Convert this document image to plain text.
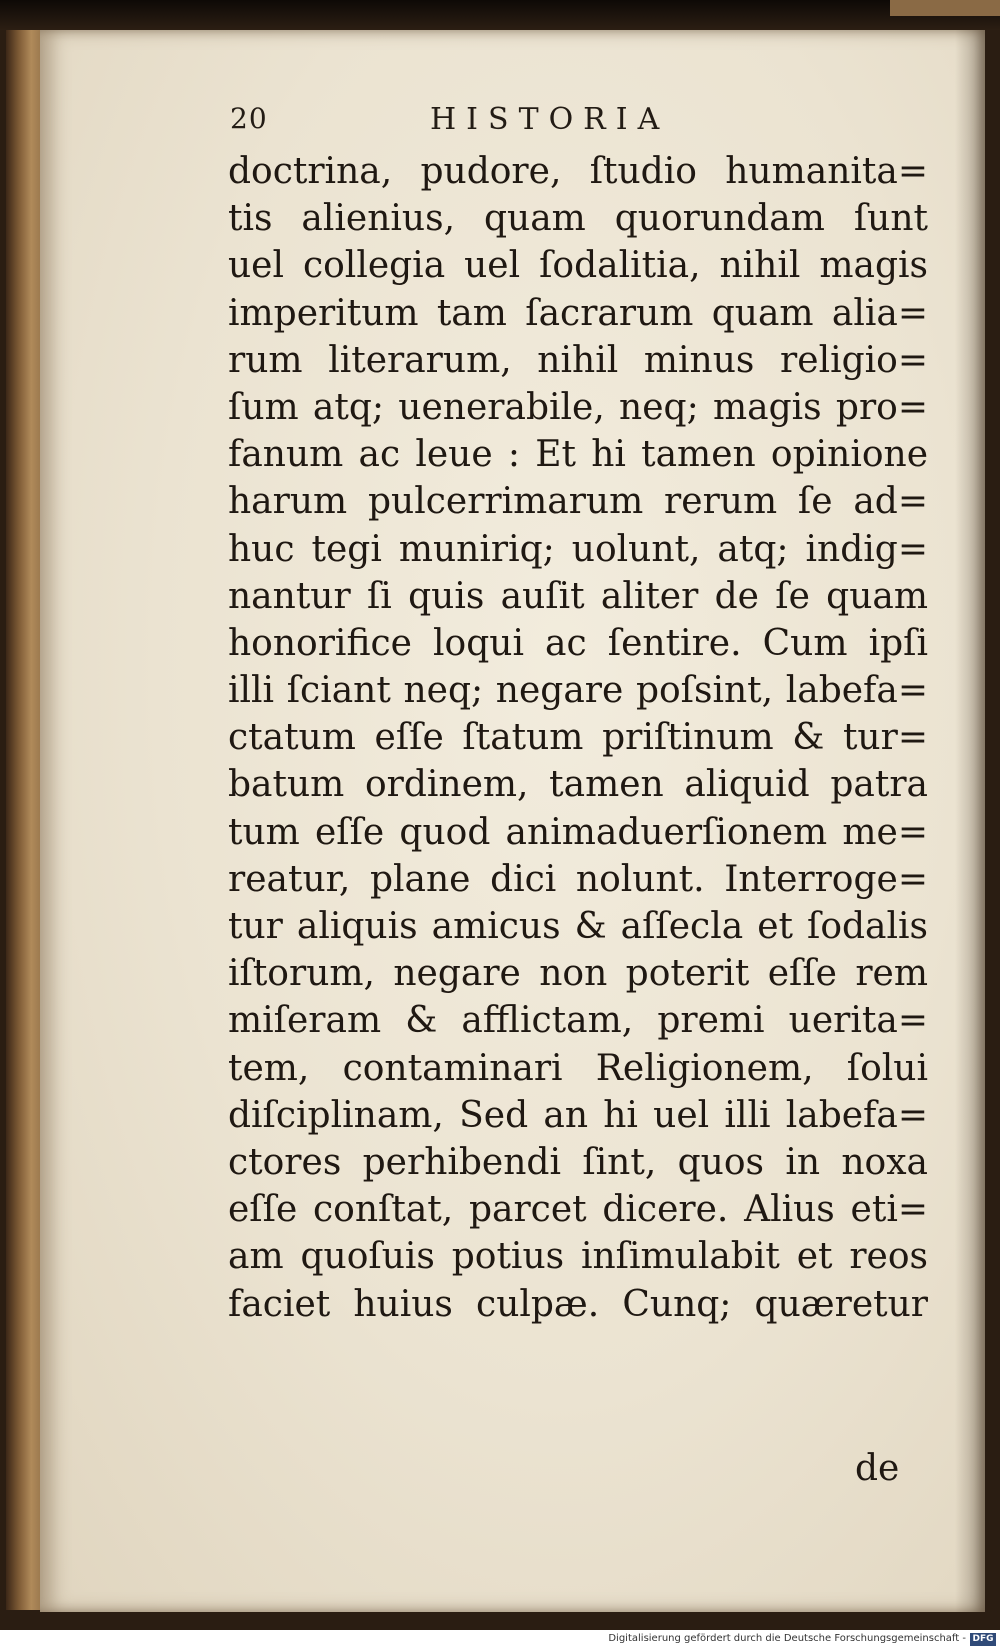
20	HISTORIA
doctrina, pudore, ſtudio humanita=
tis alienius, quam quorundam ſunt
uel collegia uel ſodalitia, nihil magis
imperitum tam ſacrarum quam alia=
rum literarum, nihil minus religio=
ſum atq; uenerabile, neq; magis pro=
fanum ac leue : Et hi tamen opinione
harum pulcerrimarum rerum ſe ad=
huc tegi muniriq; uolunt, atq; indig=
nantur ſi quis auſit aliter de ſe quam
honorifice loqui ac ſentire. Cum ipſi
illi ſciant neq; negare poſsint, labefa=
ctatum eſſe ſtatum priſtinum & tur=
batum ordinem, tamen aliquid patra
tum eſſe quod animaduerſionem me=
reatur, plane dici nolunt. Interroge=
tur aliquis amicus & aſſecla et ſodalis
iſtorum, negare non poterit eſſe rem
miſeram & afflictam, premi uerita=
tem, contaminari Religionem, ſolui
diſciplinam, Sed an hi uel illi labefa=
ctores perhibendi ſint, quos in noxa
eſſe conſtat, parcet dicere. Alius eti=
am quoſuis potius inſimulabit et reos
faciet huius culpæ. Cunq; quæretur
de
Digitalisierung gefördert durch die Deutsche Forschungsgemeinschaft - DFG
